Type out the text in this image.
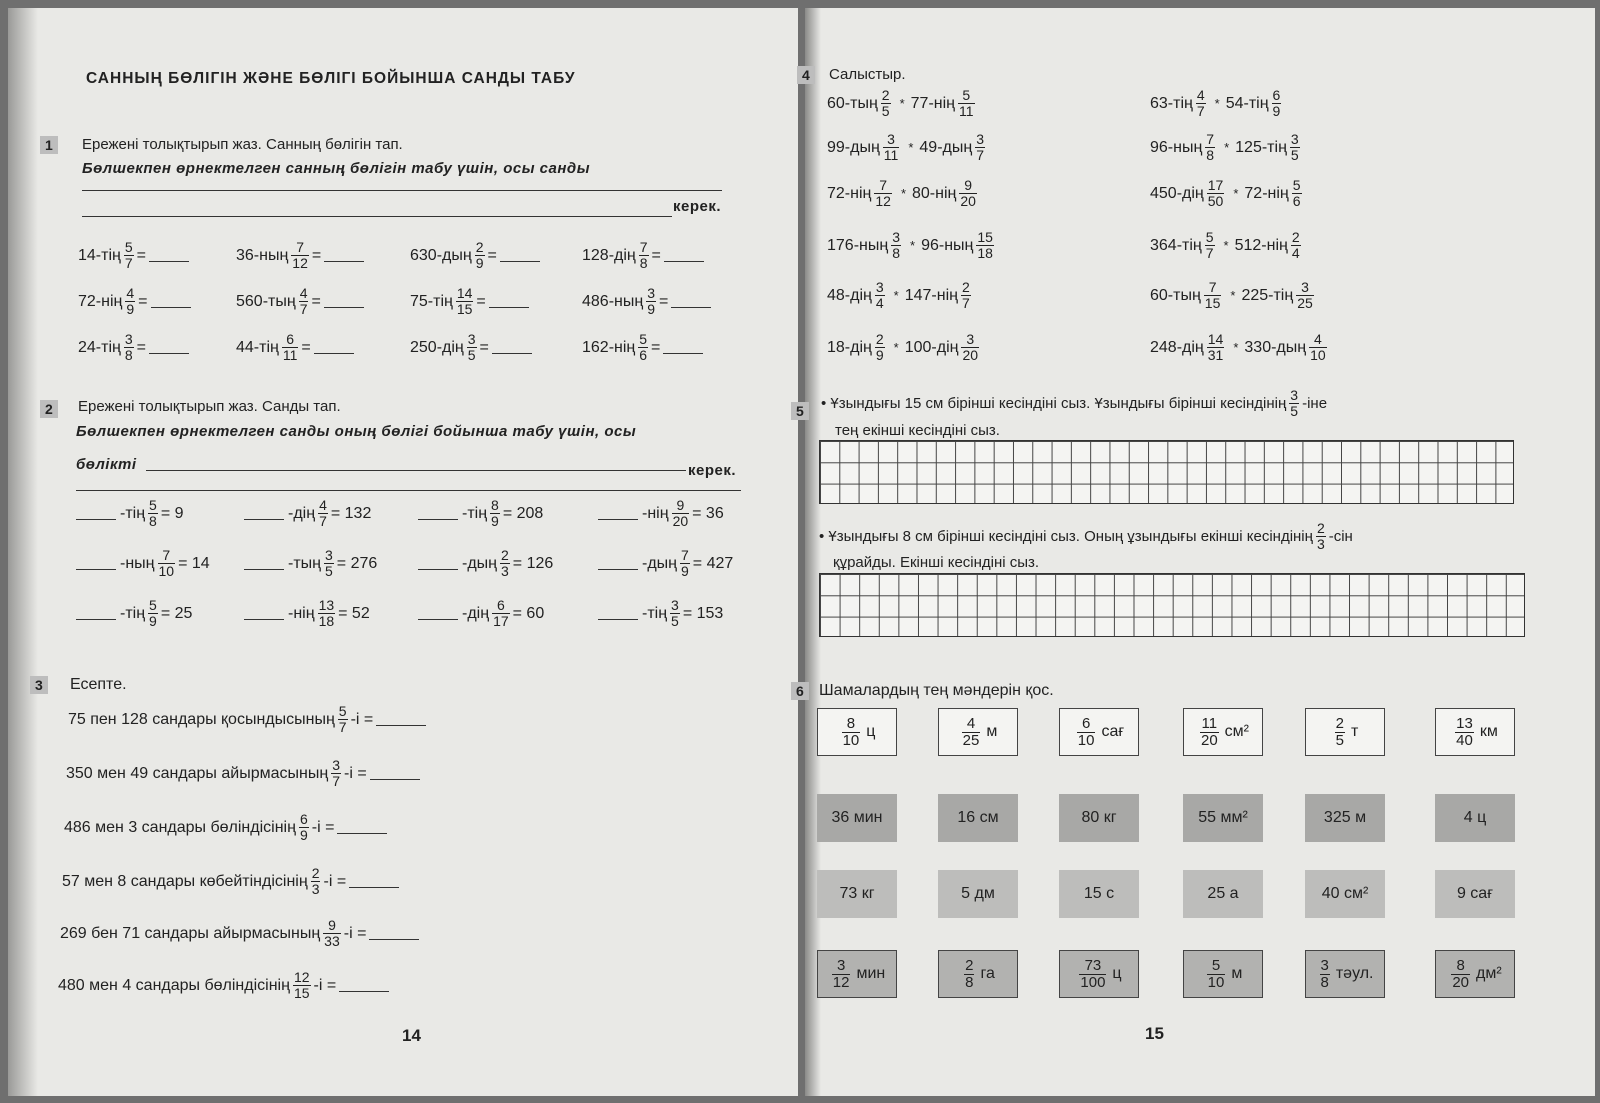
САННЫҢ БӨЛІГІН ЖӘНЕ БӨЛІГІ БОЙЫНША САНДЫ ТАБУ
1	Ережені толықтырып жаз. Санның бөлігін тап.
Бөлшекпен өрнектелген санның бөлігін табу үшін, осы санды
керек.
$14-тің \frac{5}{7}$ =	$36-ның \frac{7}{12}$ =	$630-дың \frac{2}{9}$ =	$128-дің \frac{7}{8}$ =
$72-нің \frac{4}{9}$ =	$560-тың \frac{4}{7}$ =	$75-тің \frac{14}{15}$ =	$486-ның \frac{3}{9}$ =
$24-тің \frac{3}{8}$ =	$44-тің \frac{6}{11}$ =	$250-дің \frac{3}{5}$ =	$162-нің \frac{5}{6}$ =
2	Ережені толықтырып жаз. Санды тап.
Бөлшекпен өрнектелген санды оның бөлігі бойынша табу үшін, осы
бөлікті	керек.
$-тің \frac{5}{8} = 9$	$-дің \frac{4}{7} = 132$	$-тің \frac{8}{9} = 208$	$-нің \frac{9}{20} = 36$
$-ның \frac{7}{10} = 14$	$-тың \frac{3}{5} = 276$	$-дың \frac{2}{3} = 126$	$-дың \frac{7}{9} = 427$
$-тің \frac{5}{9} = 25$	$-нің \frac{13}{18} = 52$	$-дің \frac{6}{17} = 60$	$-тің \frac{3}{5} = 153$
3	Есепте.
75 пен 128 сандары қосындысының $\frac{5}{7} -і$ =
350 мен 49 сандары айырмасының $\frac{3}{7} -і$ =
486 мен 3 сандары бөліндісінің $\frac{6}{9} -і$ =
57 мен 8 сандары көбейтіндісінің $\frac{2}{3} -і$ =
269 бен 71 сандары айырмасының $\frac{9}{33} -і$ =
480 мен 4 сандары бөліндісінің $\frac{12}{15} -і$ =
14
4	Салыстыр.
$60-тың \frac{2}{5} * 77-нің \frac{5}{11}$	$63-тің \frac{4}{7} * 54-тің \frac{6}{9}$
$99-дың \frac{3}{11} * 49-дың \frac{3}{7}$	$96-ның \frac{7}{8} * 125-тің \frac{3}{5}$
$72-нің \frac{7}{12} * 80-нің \frac{9}{20}$	$450-дің \frac{17}{50} * 72-нің \frac{5}{6}$
$176-ның \frac{3}{8} * 96-ның \frac{15}{18}$	$364-тің \frac{5}{7} * 512-нің \frac{2}{4}$
$48-дің \frac{3}{4} * 147-нің \frac{2}{7}$	$60-тың \frac{7}{15} * 225-тің \frac{3}{25}$
$18-дің \frac{2}{9} * 100-дің \frac{3}{20}$	$248-дің \frac{14}{31} * 330-дың \frac{4}{10}$
5	• Ұзындығы 15 см бірінші кесіндіні сыз. Ұзындығы бірінші кесіндінің $\frac{3}{5} -іне$
тең екінші кесіндіні сыз.
• Ұзындығы 8 см бірінші кесіндіні сыз. Оның ұзындығы екінші кесіндінің $\frac{2}{3} -сін$
құрайды. Екінші кесіндіні сыз.
6 Шамалардың тең мәндерін қос.
$\frac{8}{10}$ ц	$\frac{4}{25}$ м	$\frac{6}{10}$ сағ	$\frac{11}{20} см^2$	$\frac{2}{5}$ т	$\frac{13}{40}$ км
36 мин	16 см	80 кг	55 мм²	325 м	4 ц
73 кг	5 дм	15 с	25 а	40 см²	9 сағ
$\frac{3}{12}$ мин	$\frac{2}{8}$ га	$\frac{73}{100}$ ц	$\frac{5}{10}$ м	$\frac{3}{8}$ тәул.	$\frac{8}{20} дм^2$
15
